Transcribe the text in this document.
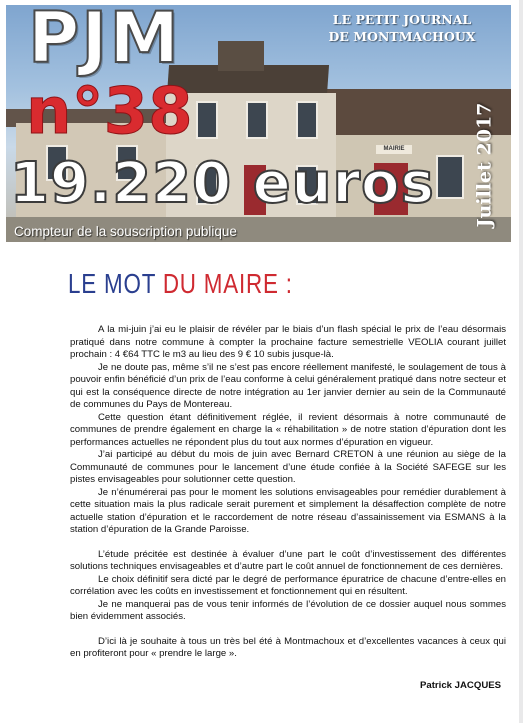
MAIRIE
PJM
n°38
19.220 euros
LE PETIT JOURNAL
DE MONTMACHOUX
Juillet 2017
Compteur de la souscription publique
LE MOT DU MAIRE :

A la mi-juin j’ai eu le plaisir de révéler par le biais d’un flash spécial le prix de l’eau désormais pratiqué dans notre commune à compter la prochaine facture semestrielle VEOLIA courant juillet prochain : 4 €64 TTC le m3 au lieu des 9 € 10 subis jusque-là.

Je ne doute pas, même s’il ne s’est pas encore réellement manifesté, le soulagement de tous à pouvoir enfin bénéficié d’un prix de l’eau conforme à celui généralement pratiqué dans notre secteur et qui est la conséquence directe de notre intégration au 1er janvier dernier au sein de la Communauté de communes du Pays de Montereau.

Cette question étant définitivement réglée, il revient désormais à notre communauté de communes de prendre également en charge la « réhabilitation » de notre station d’épuration dont les performances actuelles ne répondent plus du tout aux normes d’épuration en vigueur.

J’ai participé au début du mois de juin avec Bernard CRETON à une réunion au siège de la Communauté de communes pour le lancement d’une étude confiée à la Société SAFEGE sur les pistes envisageables pour solutionner cette question.

Je n’énumérerai pas pour le moment les solutions envisageables pour remédier durablement à cette situation mais la plus radicale serait purement et simplement la désaffection complète de notre actuelle station d’épuration et le raccordement de notre réseau d’assainissement via ESMANS à la station d’épuration de la Grande Paroisse.

L’étude précitée est destinée à évaluer d’une part le coût d’investissement des différentes solutions techniques envisageables et d’autre part le coût annuel de fonctionnement de ces dernières.

Le choix définitif sera dicté par le degré de performance épuratrice de chacune d’entre-elles en corrélation avec les coûts en investissement et fonctionnement qui en résultent.

Je ne manquerai pas de vous tenir informés de l’évolution de ce dossier auquel nous sommes bien évidemment associés.

D’ici là je souhaite à tous un très bel été à Montmachoux et d’excellentes vacances à ceux qui en profiteront pour « prendre le large ».

Patrick JACQUES
